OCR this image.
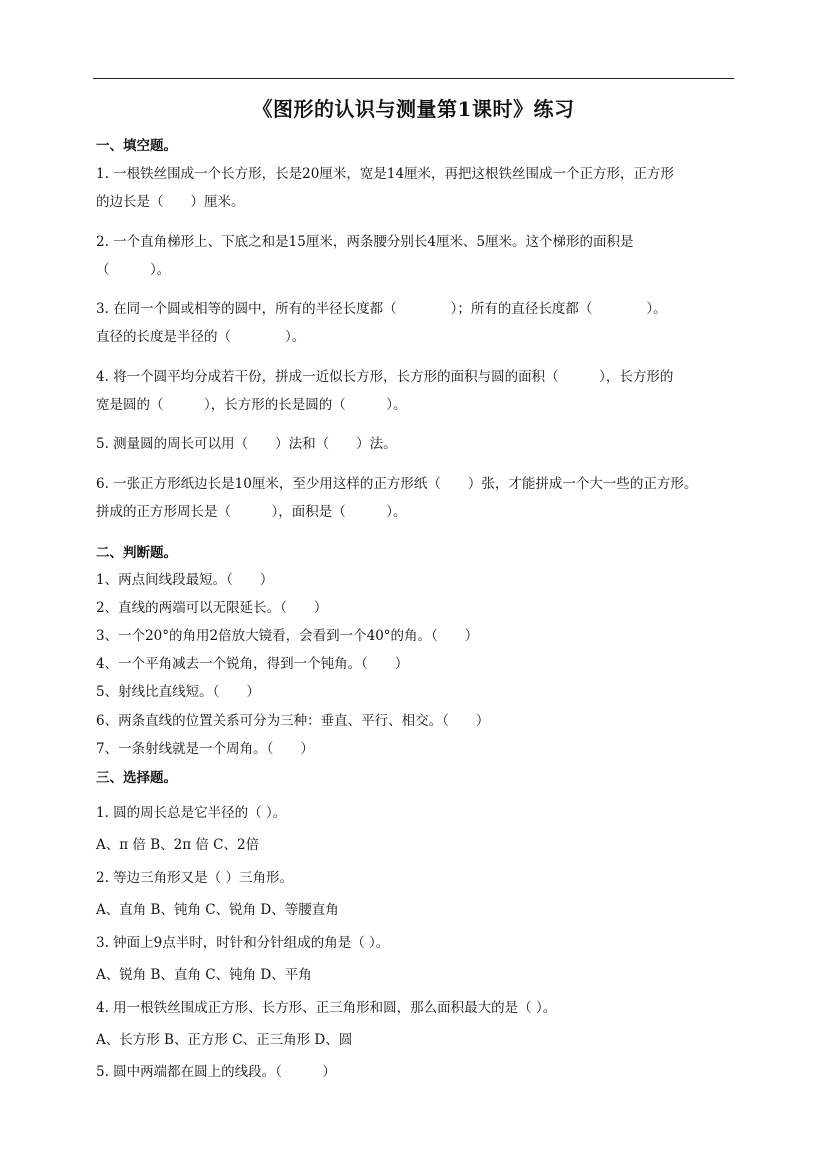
《图形的认识与测量第1课时》练习
一、填空题。
1. 一根铁丝围成一个长方形，长是20厘米，宽是14厘米，再把这根铁丝围成一个正方形，正方形
的边长是（　　）厘米。
2. 一个直角梯形上、下底之和是15厘米，两条腰分别长4厘米、5厘米。这个梯形的面积是
（　　　）。
3. 在同一个圆或相等的圆中，所有的半径长度都（　　　　）；所有的直径长度都（　　　　）。
直径的长度是半径的（　　　　）。
4. 将一个圆平均分成若干份，拼成一近似长方形，长方形的面积与圆的面积（　　　），长方形的
宽是圆的（　　　），长方形的长是圆的（　　　）。
5. 测量圆的周长可以用（　　）法和（　　）法。
6. 一张正方形纸边长是10厘米，至少用这样的正方形纸（　　）张，才能拼成一个大一些的正方形。
拼成的正方形周长是（　　　），面积是（　　　）。
二、判断题。
1、两点间线段最短。（　　）
2、直线的两端可以无限延长。（　　）
3、一个20°的角用2倍放大镜看，会看到一个40°的角。（　　）
4、一个平角减去一个锐角，得到一个钝角。（　　）
5、射线比直线短。（　　）
6、两条直线的位置关系可分为三种：垂直、平行、相交。（　　）
7、一条射线就是一个周角。（　　）
三、选择题。
1. 圆的周长总是它半径的（ ）。
A、π 倍 B、2π 倍 C、2倍
2. 等边三角形又是（ ）三角形。
A、直角 B、钝角 C、锐角 D、等腰直角
3. 钟面上9点半时，时针和分针组成的角是（ ）。
A、锐角 B、直角 C、钝角 D、平角
4. 用一根铁丝围成正方形、长方形、正三角形和圆，那么面积最大的是（ ）。
A、长方形 B、正方形 C、正三角形 D、圆
5. 圆中两端都在圆上的线段。（　　　）
